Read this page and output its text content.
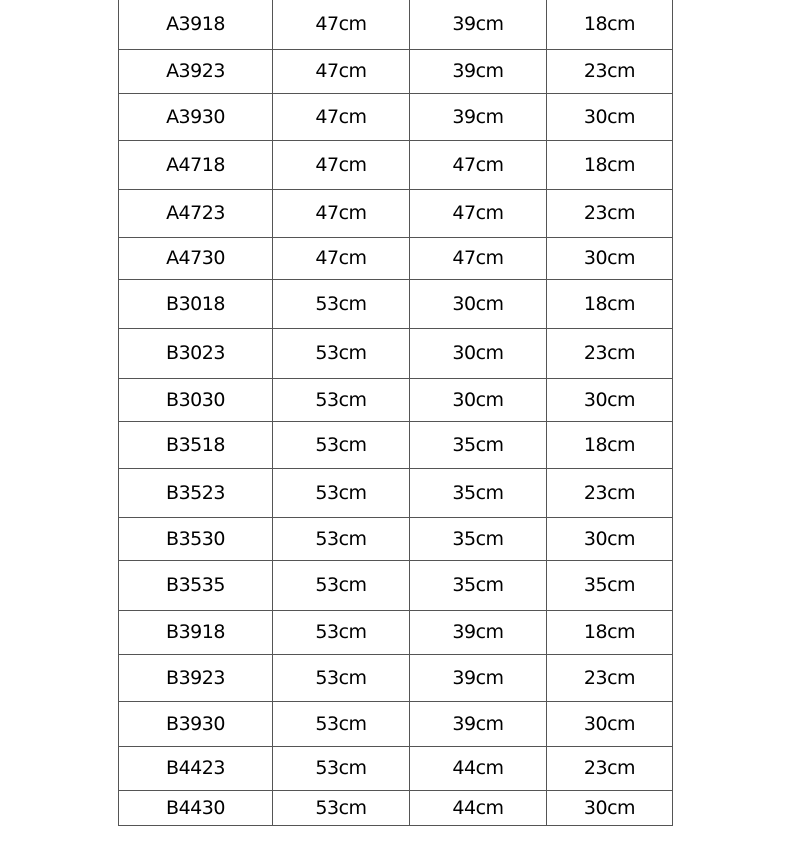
A3918	47cm	39cm	18cm
A3923	47cm	39cm	23cm
A3930	47cm	39cm	30cm
A4718	47cm	47cm	18cm
A4723	47cm	47cm	23cm
A4730	47cm	47cm	30cm
B3018	53cm	30cm	18cm
B3023	53cm	30cm	23cm
B3030	53cm	30cm	30cm
B3518	53cm	35cm	18cm
B3523	53cm	35cm	23cm
B3530	53cm	35cm	30cm
B3535	53cm	35cm	35cm
B3918	53cm	39cm	18cm
B3923	53cm	39cm	23cm
B3930	53cm	39cm	30cm
B4423	53cm	44cm	23cm
B4430	53cm	44cm	30cm
